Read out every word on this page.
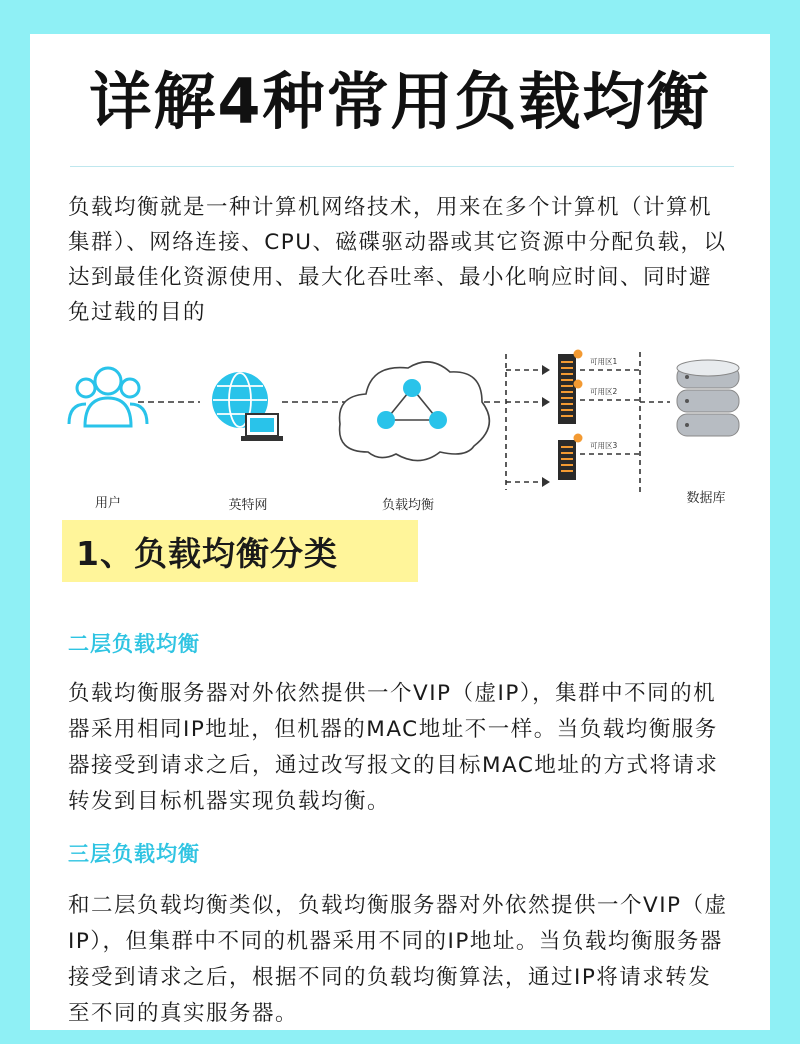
详解4种常用负载均衡
负载均衡就是一种计算机网络技术，用来在多个计算机（计算机集群）、网络连接、CPU、磁碟驱动器或其它资源中分配负载，以达到最佳化资源使用、最大化吞吐率、最小化响应时间、同时避免过载的目的
可用区1
可用区2
可用区3
用户	英特网	负载均衡	数据库
1、负载均衡分类
二层负载均衡
负载均衡服务器对外依然提供一个VIP（虚IP），集群中不同的机器采用相同IP地址，但机器的MAC地址不一样。当负载均衡服务器接受到请求之后，通过改写报文的目标MAC地址的方式将请求转发到目标机器实现负载均衡。
三层负载均衡
和二层负载均衡类似，负载均衡服务器对外依然提供一个VIP（虚IP），但集群中不同的机器采用不同的IP地址。当负载均衡服务器接受到请求之后，根据不同的负载均衡算法，通过IP将请求转发至不同的真实服务器。
